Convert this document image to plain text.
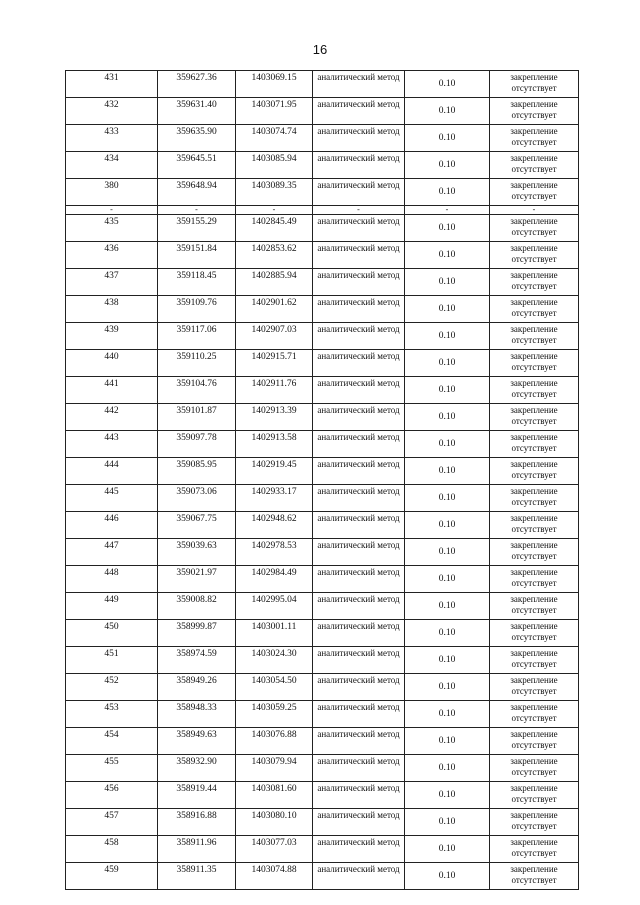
16
431	359627.36	1403069.15	аналитический метод	0.10	закрепление отсутствует
432	359631.40	1403071.95	аналитический метод	0.10	закрепление отсутствует
433	359635.90	1403074.74	аналитический метод	0.10	закрепление отсутствует
434	359645.51	1403085.94	аналитический метод	0.10	закрепление отсутствует
380	359648.94	1403089.35	аналитический метод	0.10	закрепление отсутствует
-	-	-	-	-	-
435	359155.29	1402845.49	аналитический метод	0.10	закрепление отсутствует
436	359151.84	1402853.62	аналитический метод	0.10	закрепление отсутствует
437	359118.45	1402885.94	аналитический метод	0.10	закрепление отсутствует
438	359109.76	1402901.62	аналитический метод	0.10	закрепление отсутствует
439	359117.06	1402907.03	аналитический метод	0.10	закрепление отсутствует
440	359110.25	1402915.71	аналитический метод	0.10	закрепление отсутствует
441	359104.76	1402911.76	аналитический метод	0.10	закрепление отсутствует
442	359101.87	1402913.39	аналитический метод	0.10	закрепление отсутствует
443	359097.78	1402913.58	аналитический метод	0.10	закрепление отсутствует
444	359085.95	1402919.45	аналитический метод	0.10	закрепление отсутствует
445	359073.06	1402933.17	аналитический метод	0.10	закрепление отсутствует
446	359067.75	1402948.62	аналитический метод	0.10	закрепление отсутствует
447	359039.63	1402978.53	аналитический метод	0.10	закрепление отсутствует
448	359021.97	1402984.49	аналитический метод	0.10	закрепление отсутствует
449	359008.82	1402995.04	аналитический метод	0.10	закрепление отсутствует
450	358999.87	1403001.11	аналитический метод	0.10	закрепление отсутствует
451	358974.59	1403024.30	аналитический метод	0.10	закрепление отсутствует
452	358949.26	1403054.50	аналитический метод	0.10	закрепление отсутствует
453	358948.33	1403059.25	аналитический метод	0.10	закрепление отсутствует
454	358949.63	1403076.88	аналитический метод	0.10	закрепление отсутствует
455	358932.90	1403079.94	аналитический метод	0.10	закрепление отсутствует
456	358919.44	1403081.60	аналитический метод	0.10	закрепление отсутствует
457	358916.88	1403080.10	аналитический метод	0.10	закрепление отсутствует
458	358911.96	1403077.03	аналитический метод	0.10	закрепление отсутствует
459	358911.35	1403074.88	аналитический метод	0.10	закрепление отсутствует
